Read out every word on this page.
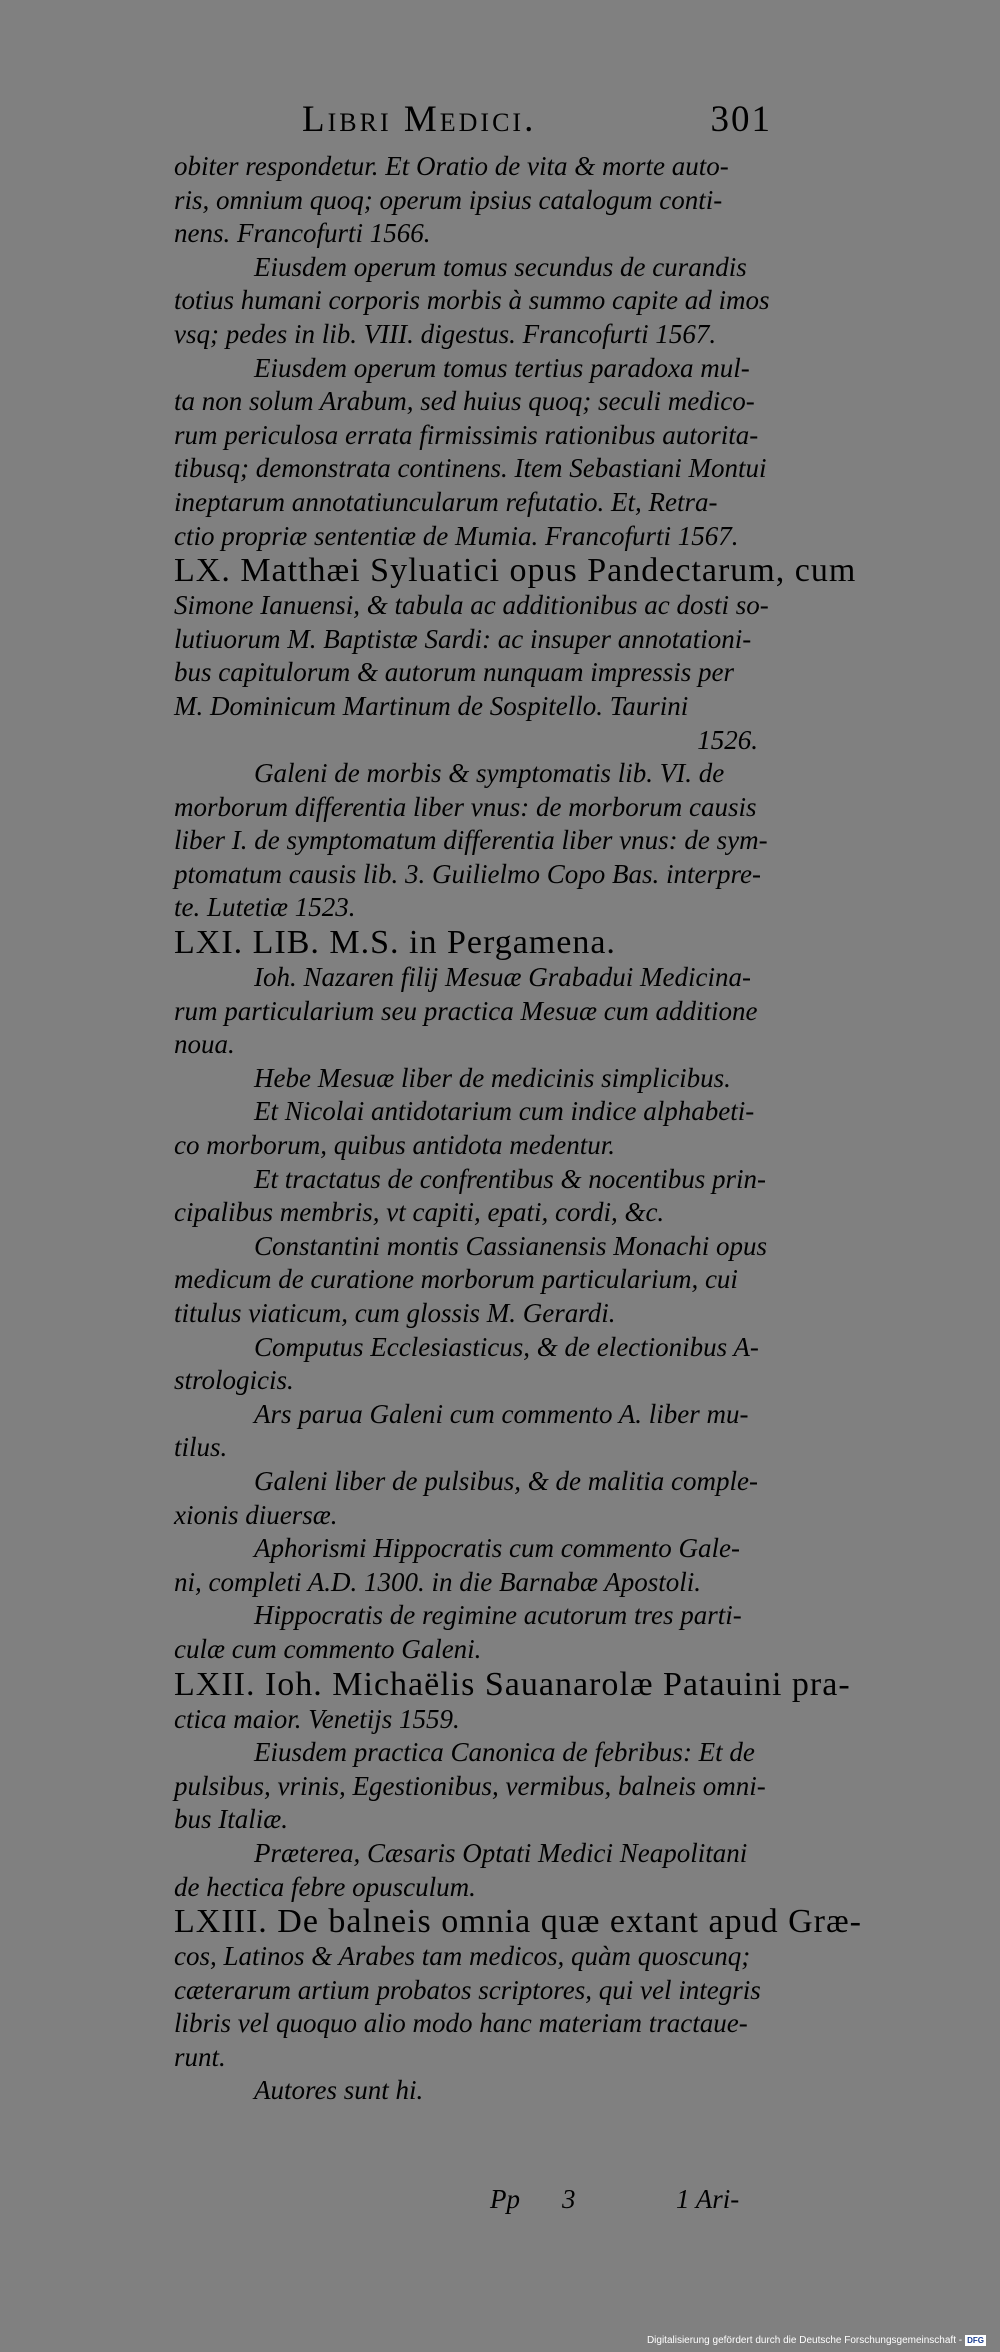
Libri Medici.	301
obiter respondetur. Et Oratio de vita & morte auto-
ris, omnium quoq; operum ipsius catalogum conti-
nens. Francofurti 1566.
Eiusdem operum tomus secundus de curandis
totius humani corporis morbis à summo capite ad imos
vsq; pedes in lib. VIII. digestus. Francofurti 1567.
Eiusdem operum tomus tertius paradoxa mul-
ta non solum Arabum, sed huius quoq; seculi medico-
rum periculosa errata firmissimis rationibus autorita-
tibusq; demonstrata continens. Item Sebastiani Montui
ineptarum annotatiuncularum refutatio. Et, Retra-
ctio propriæ sententiæ de Mumia. Francofurti 1567.
LX. Matthæi Syluatici opus Pandectarum, cum
Simone Ianuensi, & tabula ac additionibus ac dosti so-
lutiuorum M. Baptistæ Sardi: ac insuper annotationi-
bus capitulorum & autorum nunquam impressis per
M. Dominicum Martinum de Sospitello. Taurini
1526.
Galeni de morbis & symptomatis lib. VI. de
morborum differentia liber vnus: de morborum causis
liber I. de symptomatum differentia liber vnus: de sym-
ptomatum causis lib. 3. Guilielmo Copo Bas. interpre-
te. Lutetiæ 1523.
LXI. LIB. M.S. in Pergamena.
Ioh. Nazaren filij Mesuæ Grabadui Medicina-
rum particularium seu practica Mesuæ cum additione
noua.
Hebe Mesuæ liber de medicinis simplicibus.
Et Nicolai antidotarium cum indice alphabeti-
co morborum, quibus antidota medentur.
Et tractatus de confrentibus & nocentibus prin-
cipalibus membris, vt capiti, epati, cordi, &c.
Constantini montis Cassianensis Monachi opus
medicum de curatione morborum particularium, cui
titulus viaticum, cum glossis M. Gerardi.
Computus Ecclesiasticus, & de electionibus A-
strologicis.
Ars parua Galeni cum commento A. liber mu-
tilus.
Galeni liber de pulsibus, & de malitia comple-
xionis diuersæ.
Aphorismi Hippocratis cum commento Gale-
ni, completi A.D. 1300. in die Barnabæ Apostoli.
Hippocratis de regimine acutorum tres parti-
culæ cum commento Galeni.
LXII. Ioh. Michaëlis Sauanarolæ Patauini pra-
ctica maior. Venetijs 1559.
Eiusdem practica Canonica de febribus: Et de
pulsibus, vrinis, Egestionibus, vermibus, balneis omni-
bus Italiæ.
Præterea, Cæsaris Optati Medici Neapolitani
de hectica febre opusculum.
LXIII. De balneis omnia quæ extant apud Græ-
cos, Latinos & Arabes tam medicos, quàm quoscunq;
cæterarum artium probatos scriptores, qui vel integris
libris vel quoquo alio modo hanc materiam tractaue-
runt.
Autores sunt hi.
Pp 3	1 Ari-
Digitalisierung gefördert durch die Deutsche Forschungsgemeinschaft - DFG
